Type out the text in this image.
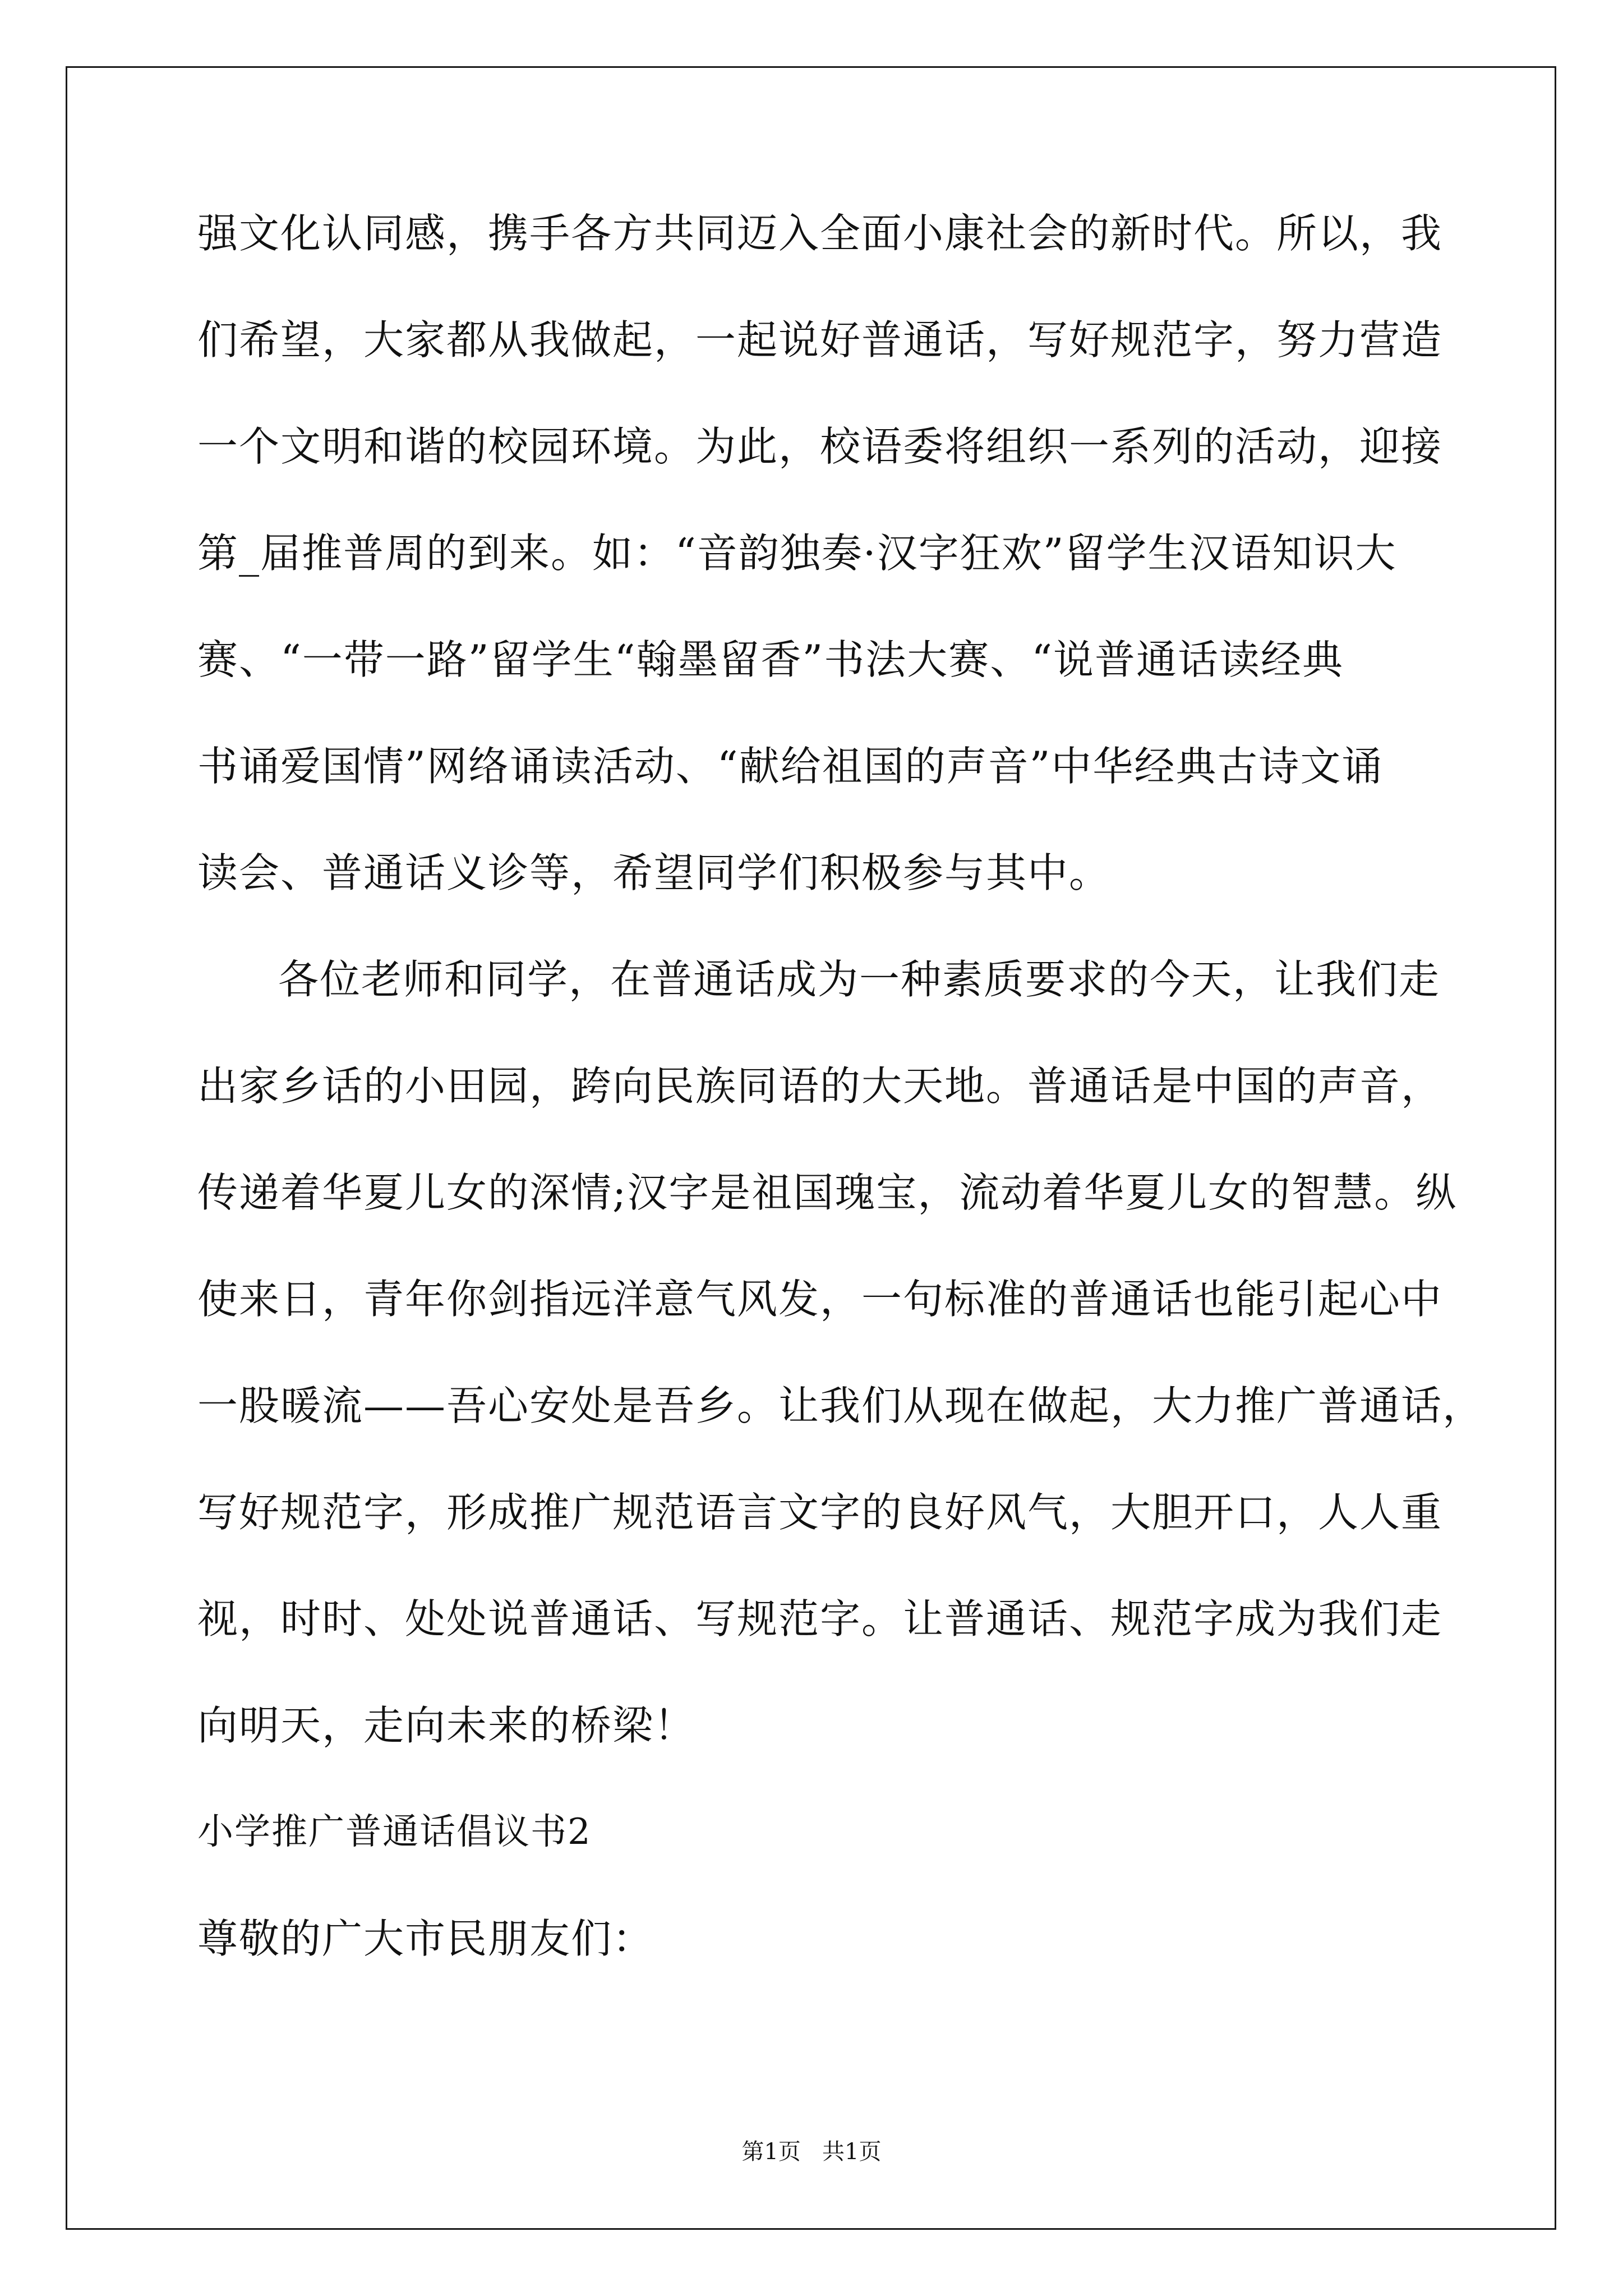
强文化认同感，携手各方共同迈入全面小康社会的新时代。所以，我
们希望，大家都从我做起，一起说好普通话，写好规范字，努力营造
一个文明和谐的校园环境。为此，校语委将组织一系列的活动，迎接
第_届推普周的到来。如：“音韵独奏·汉字狂欢”留学生汉语知识大
赛、“一带一路”留学生“翰墨留香”书法大赛、“说普通话读经典
书诵爱国情”网络诵读活动、“献给祖国的声音”中华经典古诗文诵
读会、普通话义诊等，希望同学们积极参与其中。
各位老师和同学，在普通话成为一种素质要求的今天，让我们走
出家乡话的小田园，跨向民族同语的大天地。普通话是中国的声音，
传递着华夏儿女的深情;汉字是祖国瑰宝，流动着华夏儿女的智慧。纵
使来日，青年你剑指远洋意气风发，一句标准的普通话也能引起心中
一股暖流——吾心安处是吾乡。让我们从现在做起，大力推广普通话，
写好规范字，形成推广规范语言文字的良好风气，大胆开口，人人重
视，时时、处处说普通话、写规范字。让普通话、规范字成为我们走
向明天，走向未来的桥梁！
小学推广普通话倡议书2
尊敬的广大市民朋友们：
第1页   共1页
